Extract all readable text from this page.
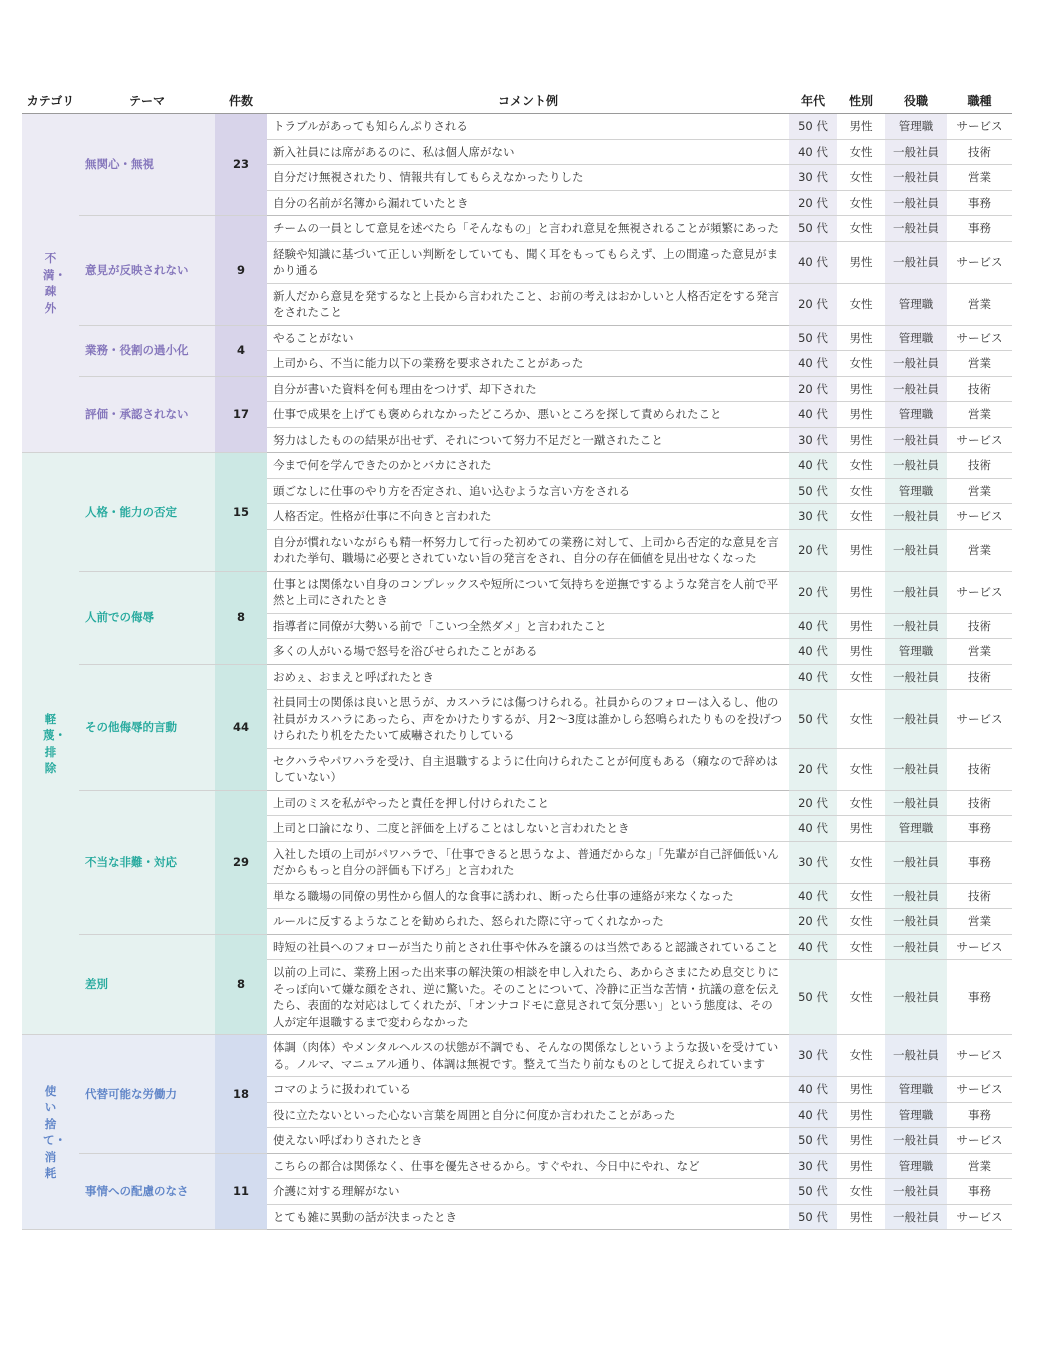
カテゴリ	テーマ	件数	コメント例	年代	性別	役職	職種
不満・疎外	無関心・無視	23	トラブルがあっても知らんぷりされる	50 代	男性	管理職	サービス
			新入社員には席があるのに、私は個人席がない	40 代	女性	一般社員	技術
			自分だけ無視されたり、情報共有してもらえなかったりした	30 代	女性	一般社員	営業
			自分の名前が名簿から漏れていたとき	20 代	女性	一般社員	事務
	意見が反映されない	9	チームの一員として意見を述べたら「そんなもの」と言われ意見を無視されることが頻繁にあった	50 代	女性	一般社員	事務
			経験や知識に基づいて正しい判断をしていても、聞く耳をもってもらえず、上の間違った意見がまかり通る	40 代	男性	一般社員	サービス
			新人だから意見を発するなと上長から言われたこと、お前の考えはおかしいと人格否定をする発言をされたこと	20 代	女性	管理職	営業
	業務・役割の過小化	4	やることがない	50 代	男性	管理職	サービス
			上司から、不当に能力以下の業務を要求されたことがあった	40 代	女性	一般社員	営業
	評価・承認されない	17	自分が書いた資料を何も理由をつけず、却下された	20 代	男性	一般社員	技術
			仕事で成果を上げても褒められなかったどころか、悪いところを探して責められたこと	40 代	男性	管理職	営業
			努力はしたものの結果が出せず、それについて努力不足だと一蹴されたこと	30 代	男性	一般社員	サービス
軽蔑・排除	人格・能力の否定	15	今まで何を学んできたのかとバカにされた	40 代	女性	一般社員	技術
			頭ごなしに仕事のやり方を否定され、追い込むような言い方をされる	50 代	女性	管理職	営業
			人格否定。性格が仕事に不向きと言われた	30 代	女性	一般社員	サービス
			自分が慣れないながらも精一杯努力して行った初めての業務に対して、上司から否定的な意見を言われた挙句、職場に必要とされていない旨の発言をされ、自分の存在価値を見出せなくなった	20 代	男性	一般社員	営業
	人前での侮辱	8	仕事とは関係ない自身のコンプレックスや短所について気持ちを逆撫でするような発言を人前で平然と上司にされたとき	20 代	男性	一般社員	サービス
			指導者に同僚が大勢いる前で「こいつ全然ダメ」と言われたこと	40 代	男性	一般社員	技術
			多くの人がいる場で怒号を浴びせられたことがある	40 代	男性	管理職	営業
	その他侮辱的言動	44	おめぇ、おまえと呼ばれたとき	40 代	女性	一般社員	技術
			社員同士の関係は良いと思うが、カスハラには傷つけられる。社員からのフォローは入るし、他の社員がカスハラにあったら、声をかけたりするが、月2〜3度は誰かしら怒鳴られたりものを投げつけられたり机をたたいて威嚇されたりしている	50 代	女性	一般社員	サービス
			セクハラやパワハラを受け、自主退職するように仕向けられたことが何度もある（癪なので辞めはしていない）	20 代	女性	一般社員	技術
	不当な非難・対応	29	上司のミスを私がやったと責任を押し付けられたこと	20 代	女性	一般社員	技術
			上司と口論になり、二度と評価を上げることはしないと言われたとき	40 代	男性	管理職	事務
			入社した頃の上司がパワハラで、「仕事できると思うなよ、普通だからな」「先輩が自己評価低いんだからもっと自分の評価も下げろ」と言われた	30 代	女性	一般社員	事務
			単なる職場の同僚の男性から個人的な食事に誘われ、断ったら仕事の連絡が来なくなった	40 代	女性	一般社員	技術
			ルールに反するようなことを勧められた、怒られた際に守ってくれなかった	20 代	女性	一般社員	営業
	差別	8	時短の社員へのフォローが当たり前とされ仕事や休みを譲るのは当然であると認識されていること	40 代	女性	一般社員	サービス
			以前の上司に、業務上困った出来事の解決策の相談を申し入れたら、あからさまにため息交じりにそっぽ向いて嫌な顔をされ、逆に驚いた。そのことについて、冷静に正当な苦情・抗議の意を伝えたら、表面的な対応はしてくれたが、「オンナコドモに意見されて気分悪い」という態度は、その人が定年退職するまで変わらなかった	50 代	女性	一般社員	事務
使い捨て・消耗	代替可能な労働力	18	体調（肉体）やメンタルヘルスの状態が不調でも、そんなの関係なしというような扱いを受けている。ノルマ、マニュアル通り、体調は無視です。整えて当たり前なものとして捉えられています	30 代	女性	一般社員	サービス
			コマのように扱われている	40 代	男性	管理職	サービス
			役に立たないといった心ない言葉を周囲と自分に何度か言われたことがあった	40 代	男性	管理職	事務
			使えない呼ばわりされたとき	50 代	男性	一般社員	サービス
	事情への配慮のなさ	11	こちらの都合は関係なく、仕事を優先させるから。すぐやれ、今日中にやれ、など	30 代	男性	管理職	営業
			介護に対する理解がない	50 代	女性	一般社員	事務
			とても雑に異動の話が決まったとき	50 代	男性	一般社員	サービス
